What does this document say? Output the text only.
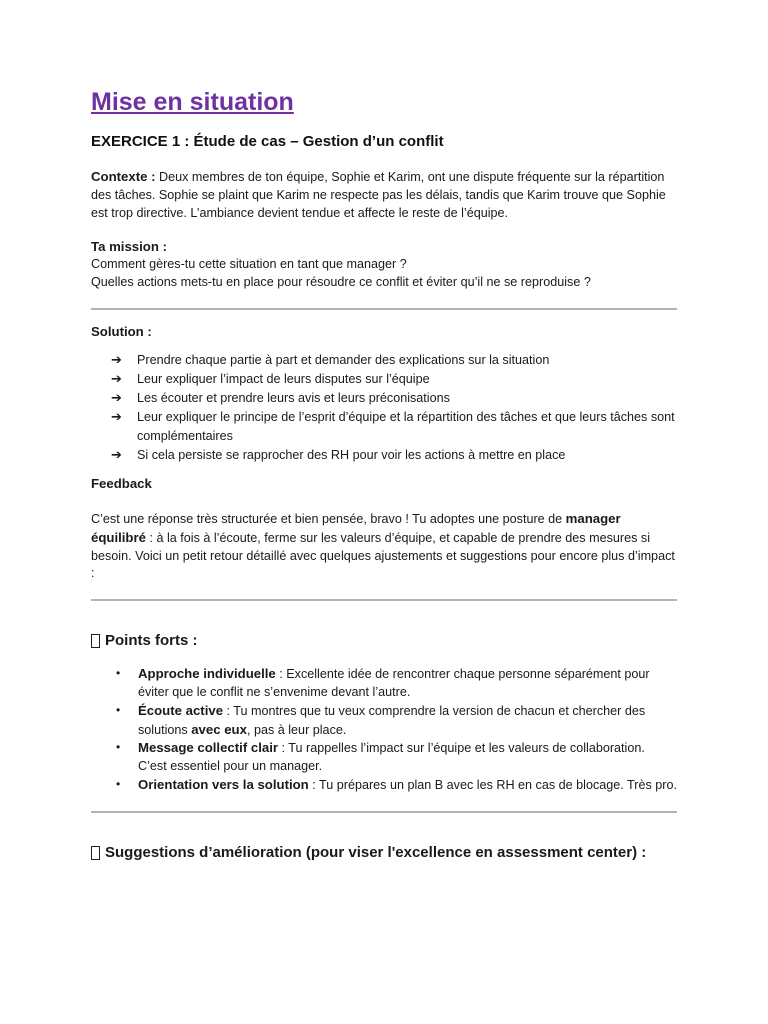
Mise en situation
EXERCICE 1 : Étude de cas – Gestion d’un conflit

Contexte : Deux membres de ton équipe, Sophie et Karim, ont une dispute fréquente sur la répartition des tâches. Sophie se plaint que Karim ne respecte pas les délais, tandis que Karim trouve que Sophie est trop directive. L’ambiance devient tendue et affecte le reste de l’équipe.

Ta mission :

Comment gères-tu cette situation en tant que manager ?

Quelles actions mets-tu en place pour résoudre ce conflit et éviter qu’il ne se reproduise ?

Solution :
➔ Prendre chaque partie à part et demander des explications sur la situation
➔ Leur expliquer l’impact de leurs disputes sur l’équipe
➔ Les écouter et prendre leurs avis et leurs préconisations
➔ Leur expliquer le principe de l’esprit d’équipe et la répartition des tâches et que leurs tâches sont complémentaires
➔ Si cela persiste se rapprocher des RH pour voir les actions à mettre en place
Feedback

C’est une réponse très structurée et bien pensée, bravo ! Tu adoptes une posture de manager équilibré : à la fois à l’écoute, ferme sur les valeurs d’équipe, et capable de prendre des mesures si besoin. Voici un petit retour détaillé avec quelques ajustements et suggestions pour encore plus d’impact :

Points forts :
• Approche individuelle : Excellente idée de rencontrer chaque personne séparément pour éviter que le conflit ne s’envenime devant l’autre.
• Écoute active : Tu montres que tu veux comprendre la version de chacun et chercher des solutions avec eux, pas à leur place.
• Message collectif clair : Tu rappelles l’impact sur l’équipe et les valeurs de collaboration. C’est essentiel pour un manager.
• Orientation vers la solution : Tu prépares un plan B avec les RH en cas de blocage. Très pro.
Suggestions d’amélioration (pour viser l'excellence en assessment center) :
